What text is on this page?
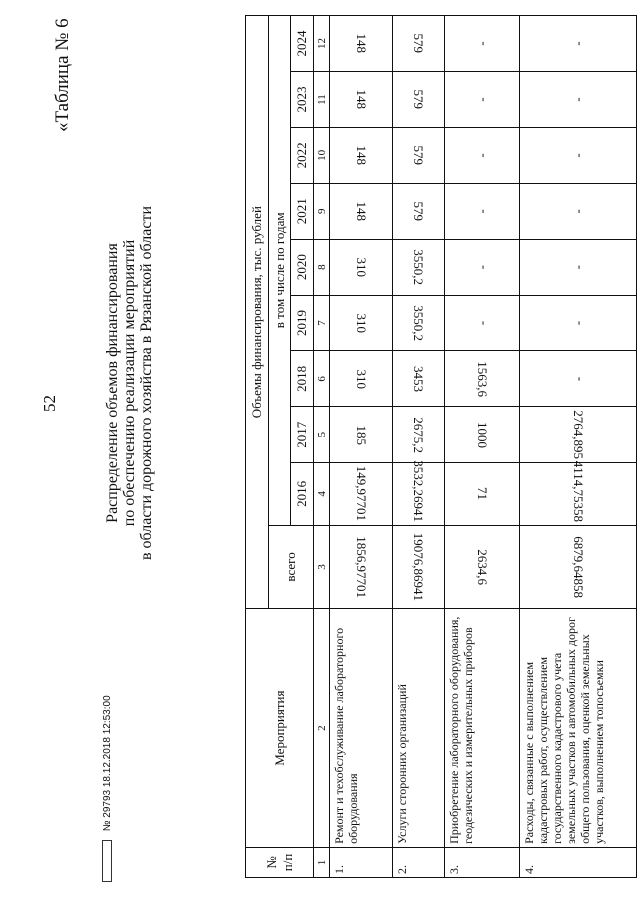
52
«Таблица № 6
Распределение объемов финансирования по обеспечению реализации мероприятий в области дорожного хозяйства в Рязанской области
№ 29793 18.12.2018 12:53:00
№ п/п	Мероприятия	Объемы финансирования, тыс. рублей									
		всего	в том числе по годам								
			2016	2017	2018	2019	2020	2021	2022	2023	2024
1	2	3	4	5	6	7	8	9	10	11	12
1.	Ремонт и техобслуживание лабораторного оборудования	1856,97701	149,97701	185	310	310	310	148	148	148	148
2.	Услуги сторонних организаций	19076,86941	3532,26941	2675,2	3453	3550,2	3550,2	579	579	579	579
3.	Приобретение лабораторного оборудования, геодезических и измерительных приборов	2634,6	71	1000	1563,6	-	-	-	-	-	-
4.	Расходы, связанные с выполнением кадастровых работ, осуществлением государственного кадастрового учета земельных участков и автомобильных дорог общего пользования, оценкой земельных участков, выполнением топосъемки	6879,64858	4114,75358	2764,895	-	-	-	-	-	-	-
